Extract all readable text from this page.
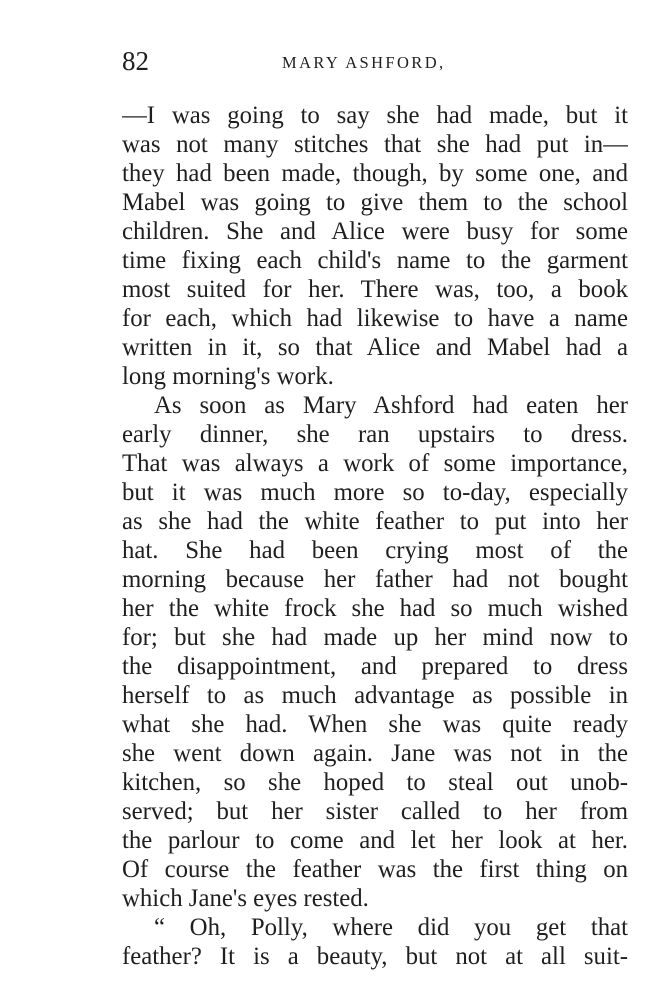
82	MARY ASHFORD,
—I was going to say she had made, but it
was not many stitches that she had put in—
they had been made, though, by some one, and
Mabel was going to give them to the school
children. She and Alice were busy for some
time fixing each child's name to the garment
most suited for her. There was, too, a book
for each, which had likewise to have a name
written in it, so that Alice and Mabel had a
long morning's work.
As soon as Mary Ashford had eaten her
early dinner, she ran upstairs to dress.
That was always a work of some importance,
but it was much more so to-day, especially
as she had the white feather to put into her
hat. She had been crying most of the
morning because her father had not bought
her the white frock she had so much wished
for; but she had made up her mind now to
the disappointment, and prepared to dress
herself to as much advantage as possible in
what she had. When she was quite ready
she went down again. Jane was not in the
kitchen, so she hoped to steal out unob-
served; but her sister called to her from
the parlour to come and let her look at her.
Of course the feather was the first thing on
which Jane's eyes rested.
“ Oh, Polly, where did you get that
feather? It is a beauty, but not at all suit-
